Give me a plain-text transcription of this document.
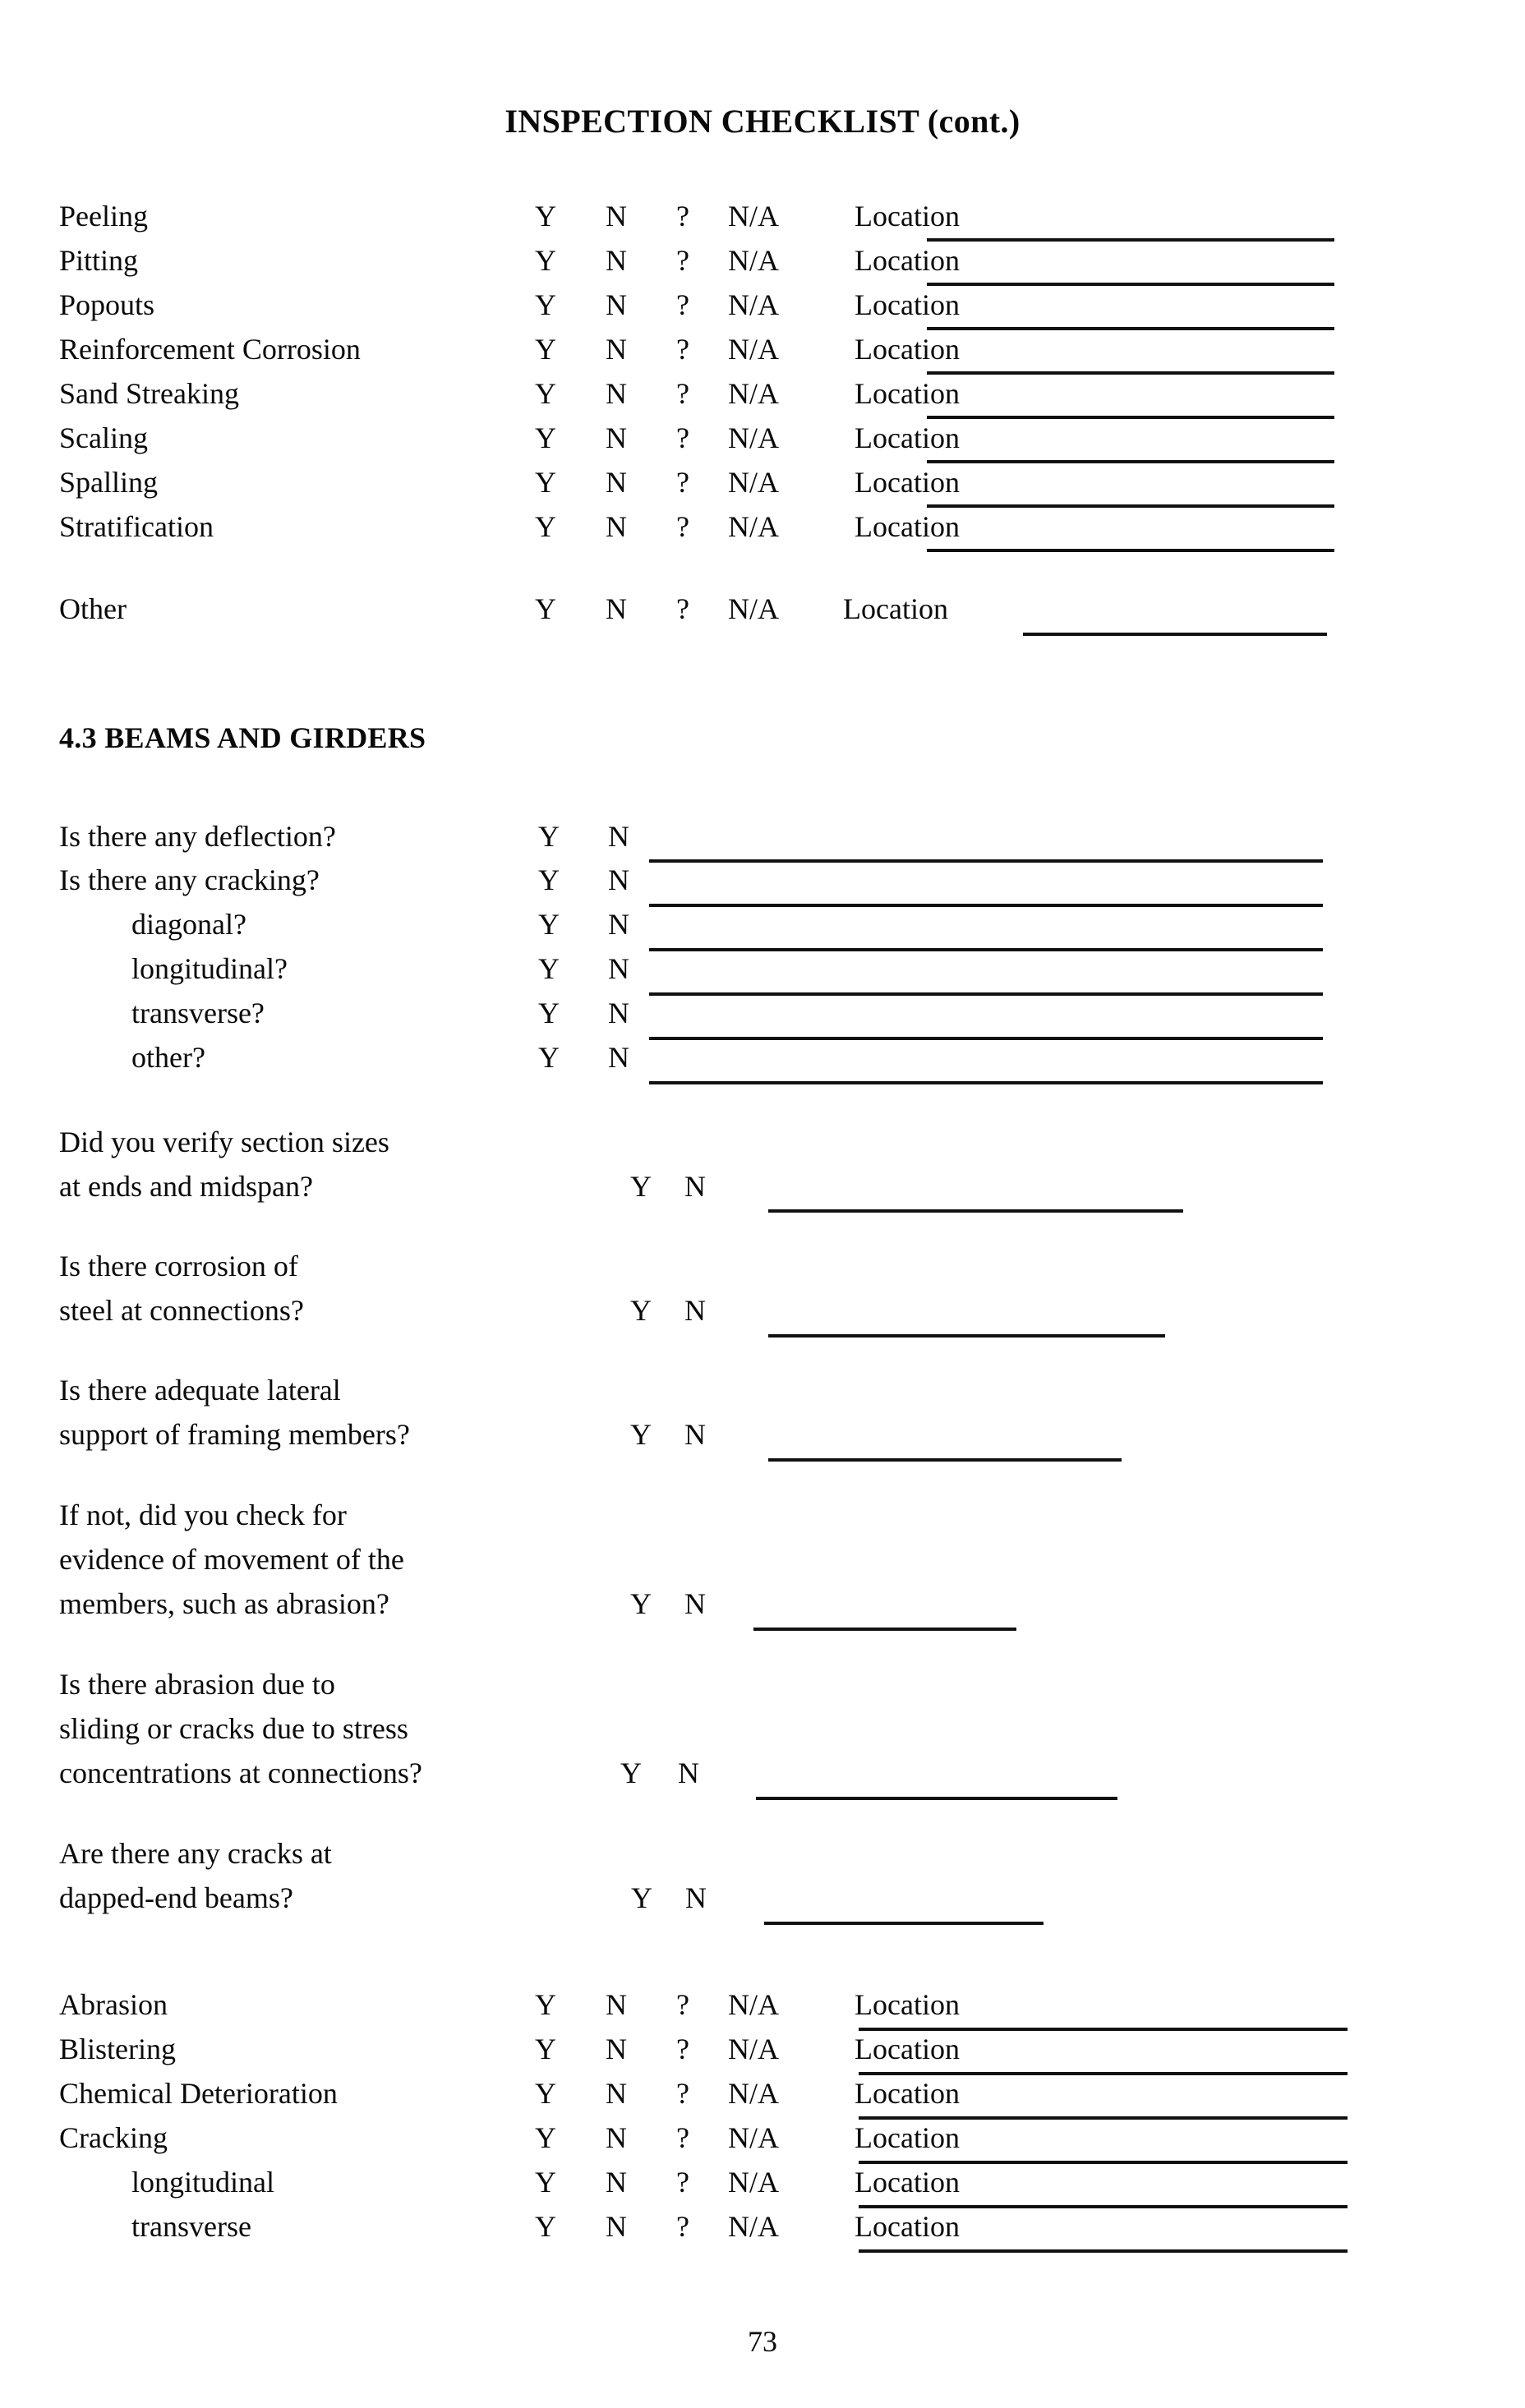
INSPECTION CHECKLIST (cont.)
Peeling	Y N ? N/A	Location
Pitting	Y N ? N/A	Location
Popouts	Y N ? N/A	Location
Reinforcement Corrosion	Y N ? N/A	Location
Sand Streaking	Y N ? N/A	Location
Scaling	Y N ? N/A	Location
Spalling	Y N ? N/A	Location
Stratification	Y N ? N/A	Location
Other	Y N ? N/A Location
4.3 BEAMS AND GIRDERS
Is there any deflection?	Y N
Is there any cracking?	Y N
diagonal?	Y N
longitudinal?	Y N
transverse?	Y N
other?	Y N
Did you verify section sizes
at ends and midspan?	Y N
Is there corrosion of
steel at connections?	Y N
Is there adequate lateral
support of framing members?	Y N
If not, did you check for
evidence of movement of the
members, such as abrasion?	Y N
Is there abrasion due to
sliding or cracks due to stress
concentrations at connections?	Y N
Are there any cracks at
dapped-end beams?	Y N
Abrasion	Y N ? N/A	Location
Blistering	Y N ? N/A	Location
Chemical Deterioration	Y N ? N/A	Location
Cracking	Y N ? N/A	Location
longitudinal	Y N ? N/A	Location
transverse	Y N ? N/A	Location
73
